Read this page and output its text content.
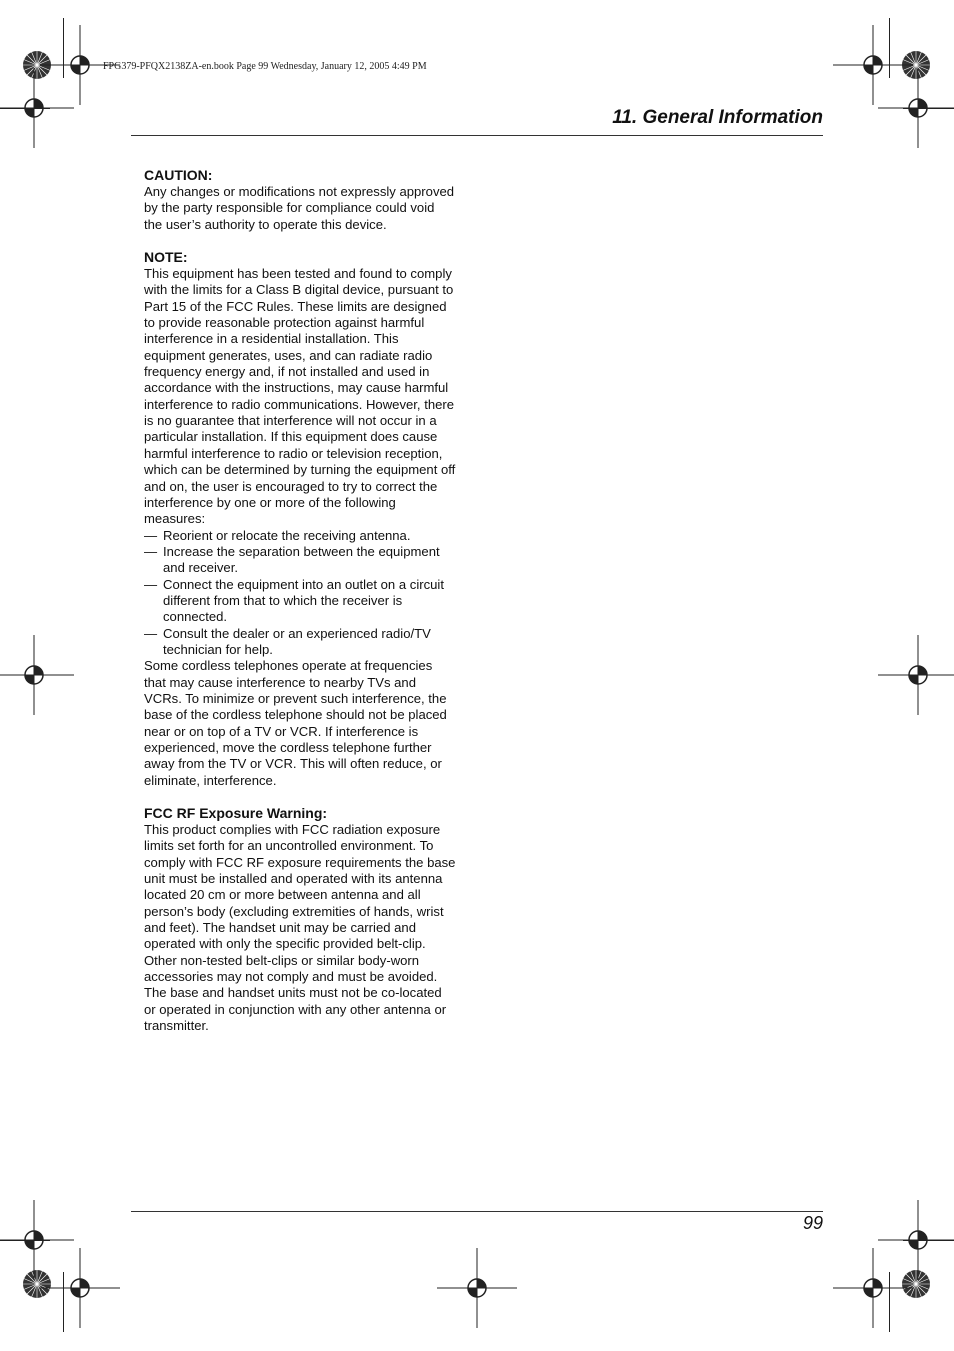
FPG379-PFQX2138ZA-en.book Page 99 Wednesday, January 12, 2005 4:49 PM
11. General Information
CAUTION:

Any changes or modifications not expressly approved by the party responsible for compliance could void the user’s authority to operate this device.

NOTE:

This equipment has been tested and found to comply with the limits for a Class B digital device, pursuant to Part 15 of the FCC Rules. These limits are designed to provide reasonable protection against harmful interference in a residential installation. This equipment generates, uses, and can radiate radio frequency energy and, if not installed and used in accordance with the instructions, may cause harmful interference to radio communications. However, there is no guarantee that interference will not occur in a particular installation. If this equipment does cause harmful interference to radio or television reception, which can be determined by turning the equipment off and on, the user is encouraged to try to correct the interference by one or more of the following measures:

— Reorient or relocate the receiving antenna.
— Increase the separation between the equipment and receiver.
— Connect the equipment into an outlet on a circuit different from that to which the receiver is connected.
— Consult the dealer or an experienced radio/TV technician for help.

Some cordless telephones operate at frequencies that may cause interference to nearby TVs and VCRs. To minimize or prevent such interference, the base of the cordless telephone should not be placed near or on top of a TV or VCR. If interference is experienced, move the cordless telephone further away from the TV or VCR. This will often reduce, or eliminate, interference.

FCC RF Exposure Warning:

This product complies with FCC radiation exposure limits set forth for an uncontrolled environment. To comply with FCC RF exposure requirements the base unit must be installed and operated with its antenna located 20 cm or more between antenna and all person’s body (excluding extremities of hands, wrist and feet). The handset unit may be carried and operated with only the specific provided belt-clip. Other non-tested belt-clips or similar body-worn accessories may not comply and must be avoided. The base and handset units must not be co-located or operated in conjunction with any other antenna or transmitter.

99
